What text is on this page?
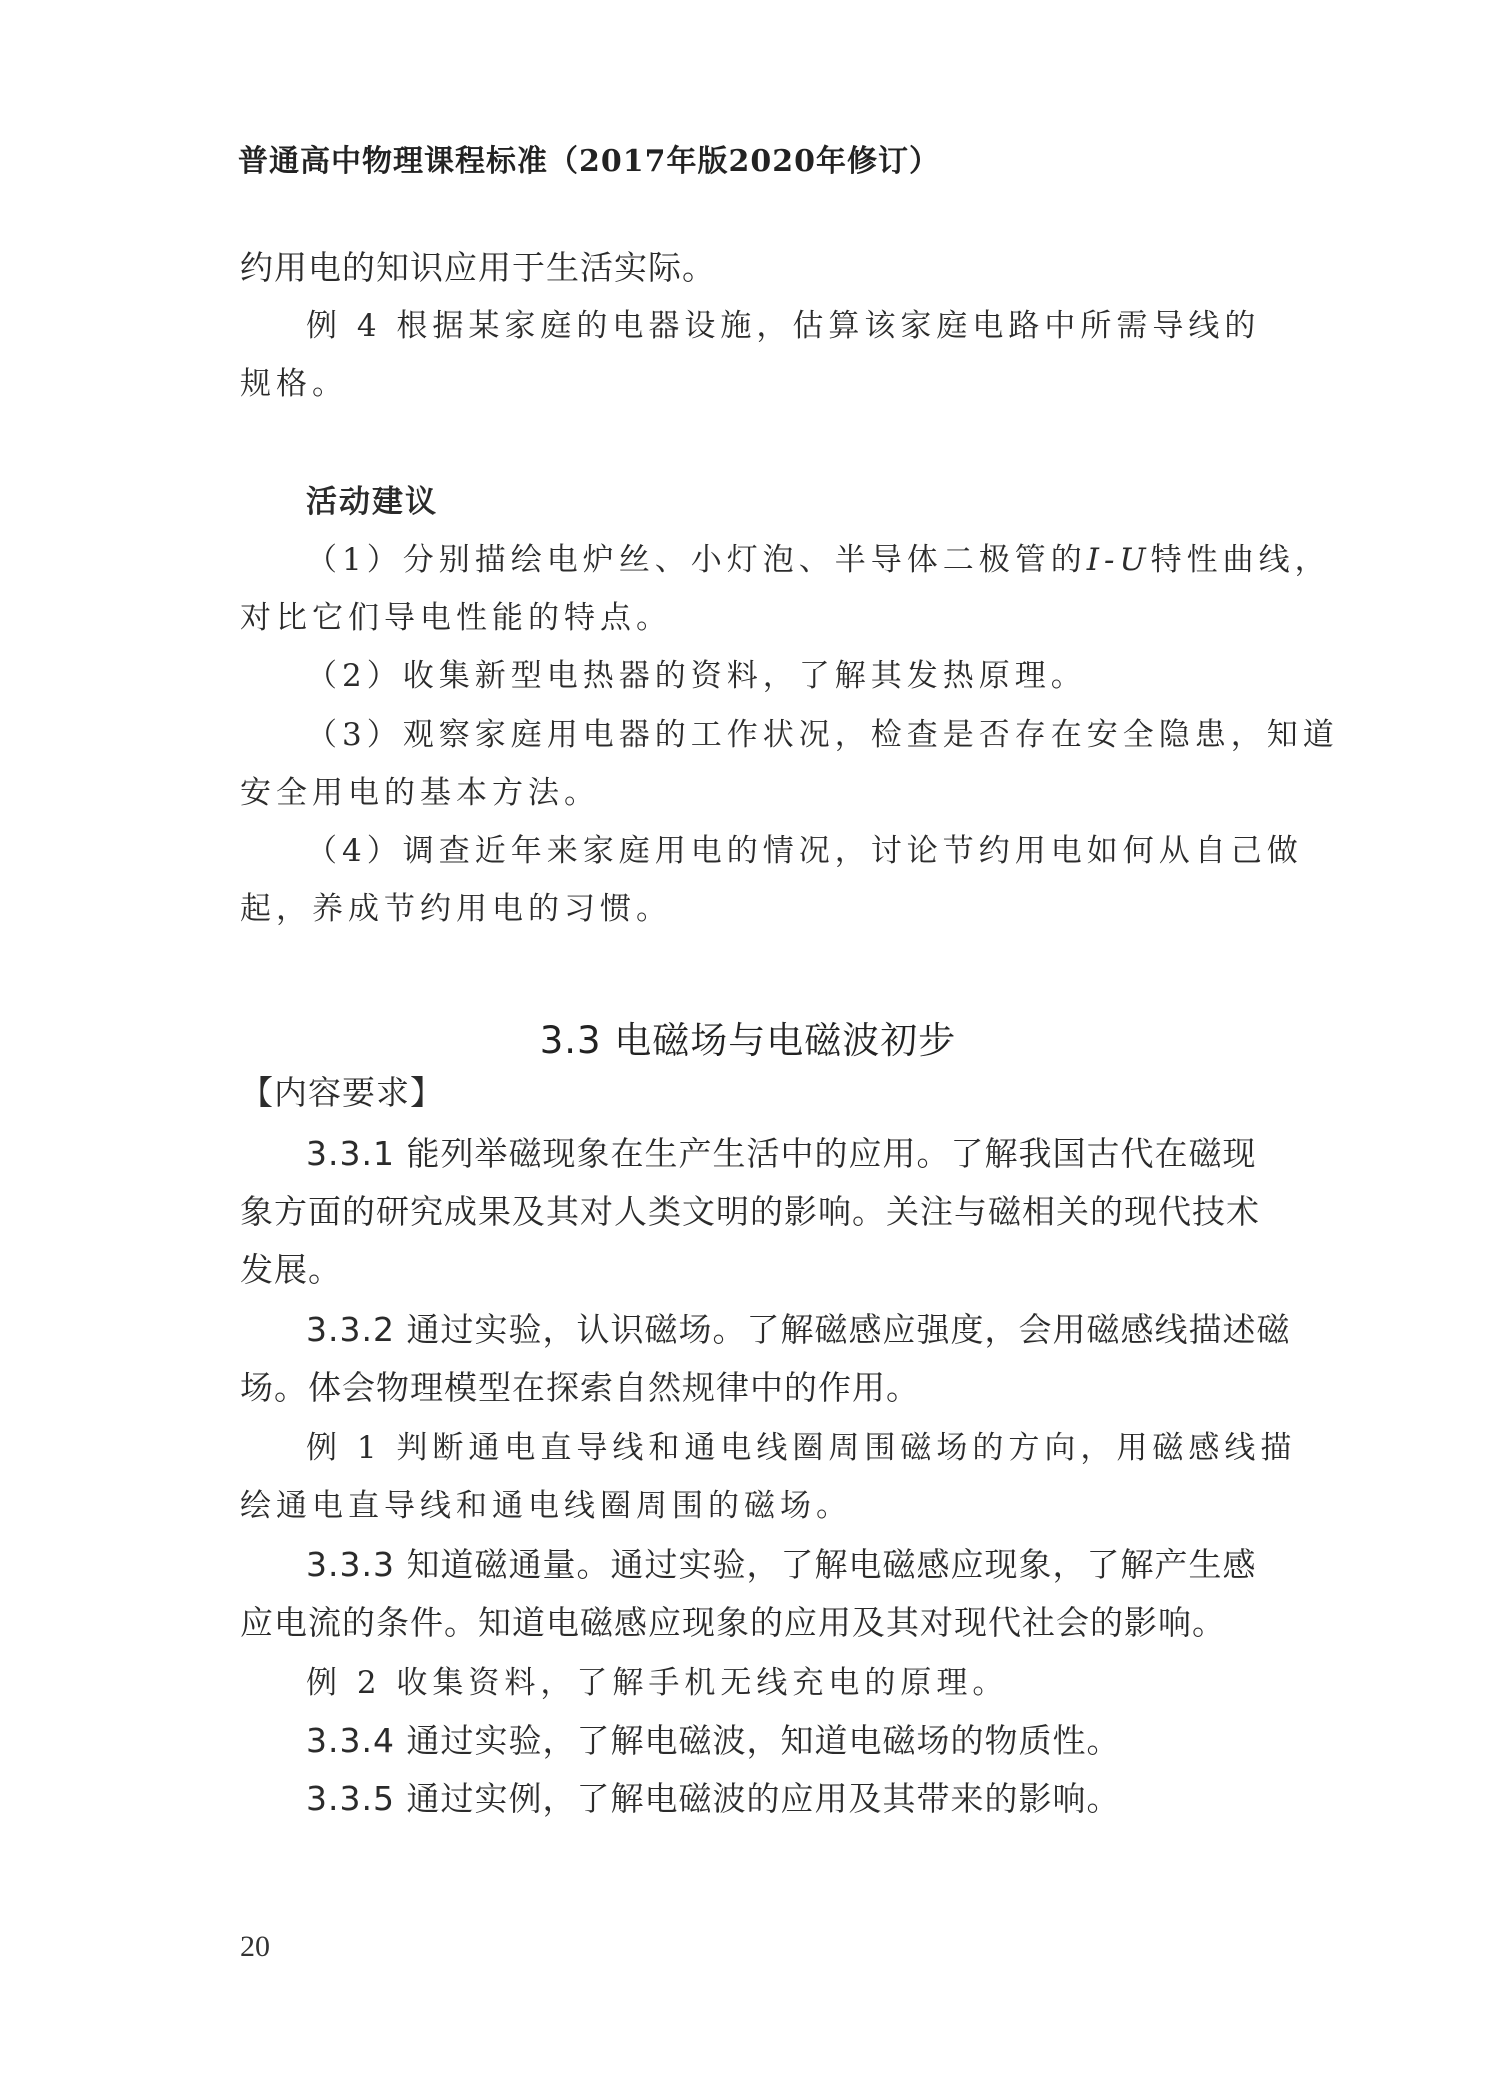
普通高中物理课程标准（2017年版2020年修订）
约用电的知识应用于生活实际。
例 4 根据某家庭的电器设施，估算该家庭电路中所需导线的
规格。
活动建议
（1）分别描绘电炉丝、小灯泡、半导体二极管的I-U特性曲线，
对比它们导电性能的特点。
（2）收集新型电热器的资料，了解其发热原理。
（3）观察家庭用电器的工作状况，检查是否存在安全隐患，知道
安全用电的基本方法。
（4）调查近年来家庭用电的情况，讨论节约用电如何从自己做
起，养成节约用电的习惯。
3.3 电磁场与电磁波初步
【内容要求】
3.3.1 能列举磁现象在生产生活中的应用。了解我国古代在磁现
象方面的研究成果及其对人类文明的影响。关注与磁相关的现代技术
发展。
3.3.2 通过实验，认识磁场。了解磁感应强度，会用磁感线描述磁
场。体会物理模型在探索自然规律中的作用。
例 1 判断通电直导线和通电线圈周围磁场的方向，用磁感线描
绘通电直导线和通电线圈周围的磁场。
3.3.3 知道磁通量。通过实验，了解电磁感应现象，了解产生感
应电流的条件。知道电磁感应现象的应用及其对现代社会的影响。
例 2 收集资料，了解手机无线充电的原理。
3.3.4 通过实验，了解电磁波，知道电磁场的物质性。
3.3.5 通过实例，了解电磁波的应用及其带来的影响。
20
